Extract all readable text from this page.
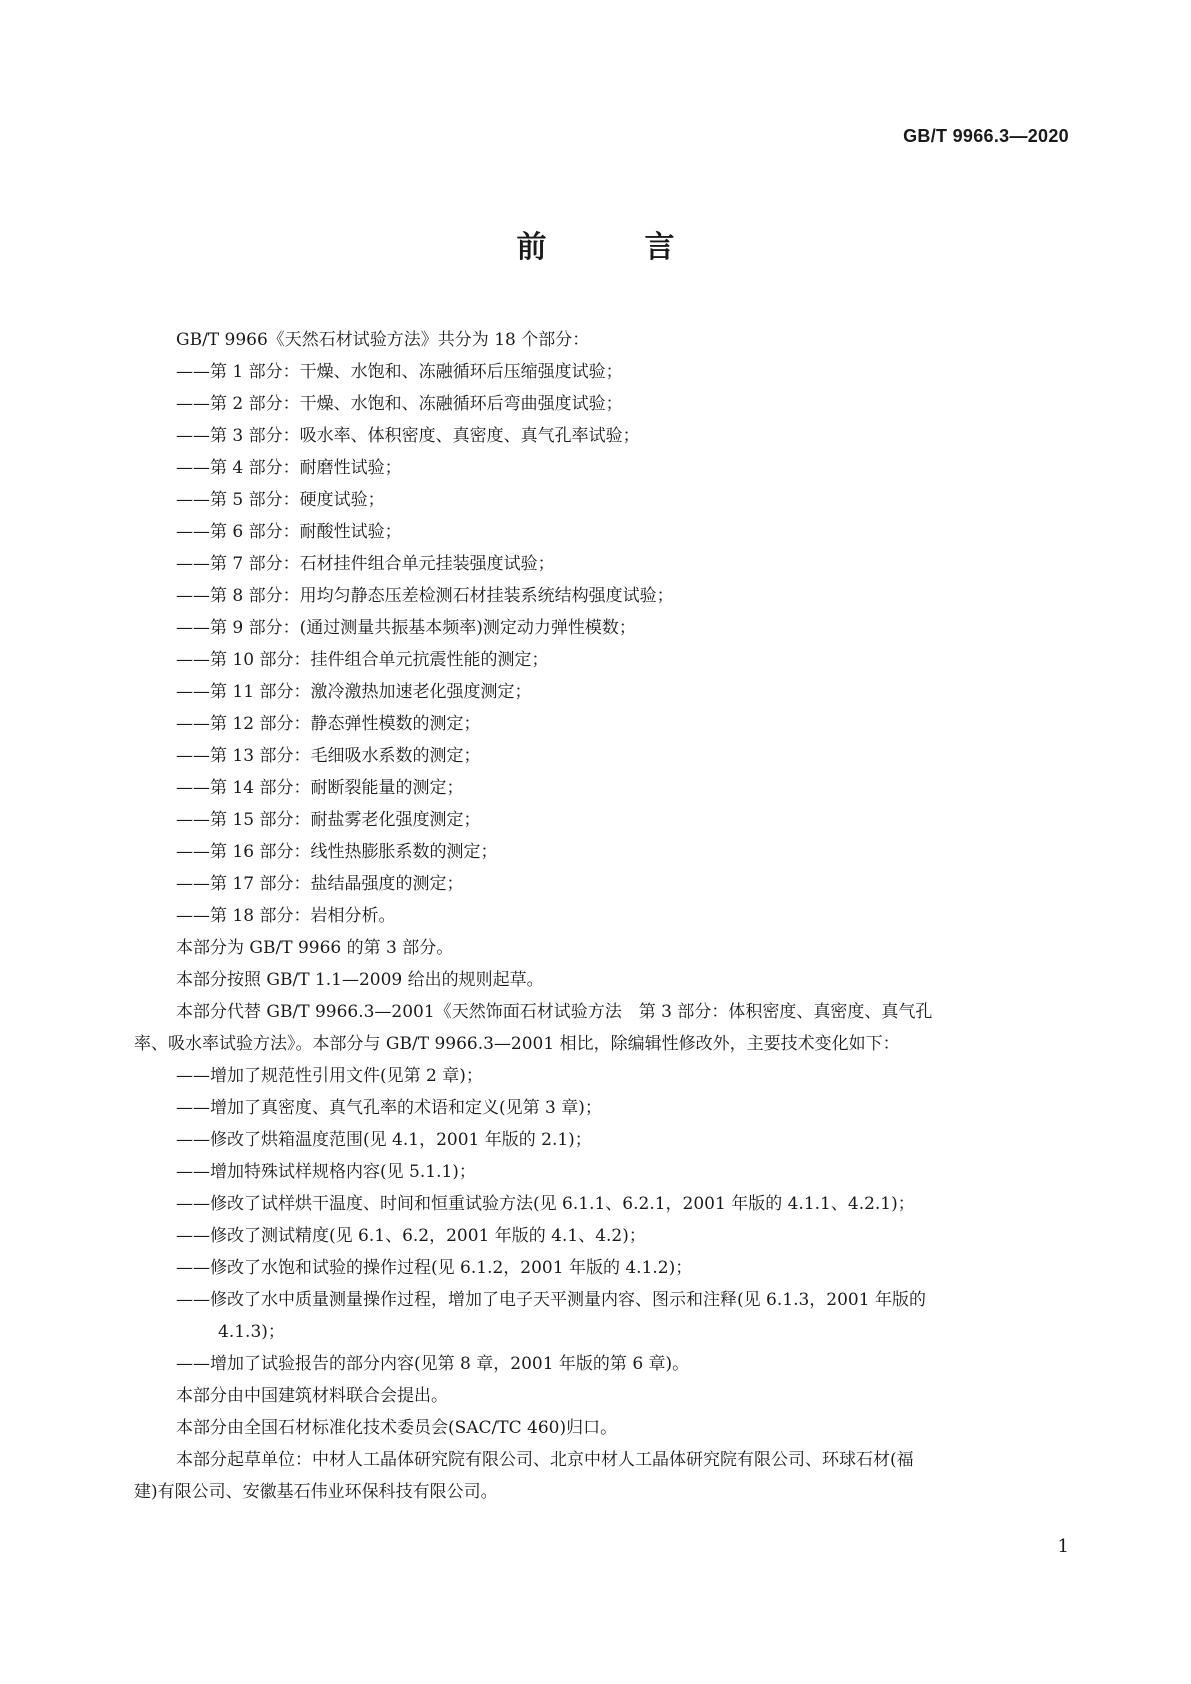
GB/T 9966.3—2020
前　言
GB/T 9966《天然石材试验方法》共分为 18 个部分：
——第 1 部分：干燥、水饱和、冻融循环后压缩强度试验；
——第 2 部分：干燥、水饱和、冻融循环后弯曲强度试验；
——第 3 部分：吸水率、体积密度、真密度、真气孔率试验；
——第 4 部分：耐磨性试验；
——第 5 部分：硬度试验；
——第 6 部分：耐酸性试验；
——第 7 部分：石材挂件组合单元挂装强度试验；
——第 8 部分：用均匀静态压差检测石材挂装系统结构强度试验；
——第 9 部分：(通过测量共振基本频率)测定动力弹性模数；
——第 10 部分：挂件组合单元抗震性能的测定；
——第 11 部分：激冷激热加速老化强度测定；
——第 12 部分：静态弹性模数的测定；
——第 13 部分：毛细吸水系数的测定；
——第 14 部分：耐断裂能量的测定；
——第 15 部分：耐盐雾老化强度测定；
——第 16 部分：线性热膨胀系数的测定；
——第 17 部分：盐结晶强度的测定；
——第 18 部分：岩相分析。
本部分为 GB/T 9966 的第 3 部分。
本部分按照 GB/T 1.1—2009 给出的规则起草。
本部分代替 GB/T 9966.3—2001《天然饰面石材试验方法　第 3 部分：体积密度、真密度、真气孔
率、吸水率试验方法》。本部分与 GB/T 9966.3—2001 相比，除编辑性修改外，主要技术变化如下：
——增加了规范性引用文件(见第 2 章)；
——增加了真密度、真气孔率的术语和定义(见第 3 章)；
——修改了烘箱温度范围(见 4.1，2001 年版的 2.1)；
——增加特殊试样规格内容(见 5.1.1)；
——修改了试样烘干温度、时间和恒重试验方法(见 6.1.1、6.2.1，2001 年版的 4.1.1、4.2.1)；
——修改了测试精度(见 6.1、6.2，2001 年版的 4.1、4.2)；
——修改了水饱和试验的操作过程(见 6.1.2，2001 年版的 4.1.2)；
——修改了水中质量测量操作过程，增加了电子天平测量内容、图示和注释(见 6.1.3，2001 年版的
4.1.3)；
——增加了试验报告的部分内容(见第 8 章，2001 年版的第 6 章)。
本部分由中国建筑材料联合会提出。
本部分由全国石材标准化技术委员会(SAC/TC 460)归口。
本部分起草单位：中材人工晶体研究院有限公司、北京中材人工晶体研究院有限公司、环球石材(福
建)有限公司、安徽基石伟业环保科技有限公司。
1
